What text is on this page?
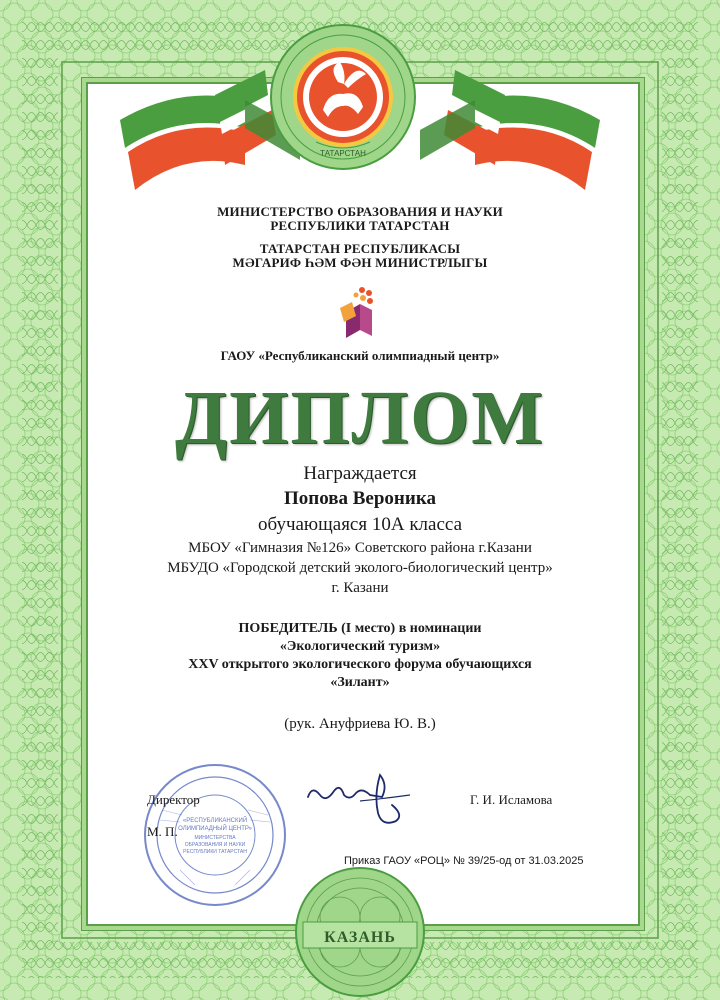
ТАТАРСТАН
МИНИСТЕРСТВО ОБРАЗОВАНИЯ И НАУКИ
РЕСПУБЛИКИ ТАТАРСТАН
ТАТАРСТАН РЕСПУБЛИКАСЫ
МӘГАРИФ ҺӘМ ФӘН МИНИСТРЛЫГЫ
ГАОУ «Республиканский олимпиадный центр»
ДИПЛОМ
Награждается
Попова Вероника
обучающаяся 10А класса
МБОУ «Гимназия №126» Советского района г.Казани
МБУДО «Городской детский эколого-биологический центр»
г. Казани
ПОБЕДИТЕЛЬ (I место) в номинации
«Экологический туризм»
XXV открытого экологического форума обучающихся
«Зилант»
(рук. Ануфриева Ю. В.)
«РЕСПУБЛИКАНСКИЙ
ОЛИМПИАДНЫЙ ЦЕНТР»
МИНИСТЕРСТВА
ОБРАЗОВАНИЯ И НАУКИ
РЕСПУБЛИКИ ТАТАРСТАН
Директор
М. П.
Г. И. Исламова
Приказ ГАОУ «РОЦ» № 39/25-од от 31.03.2025
КАЗАНЬ
